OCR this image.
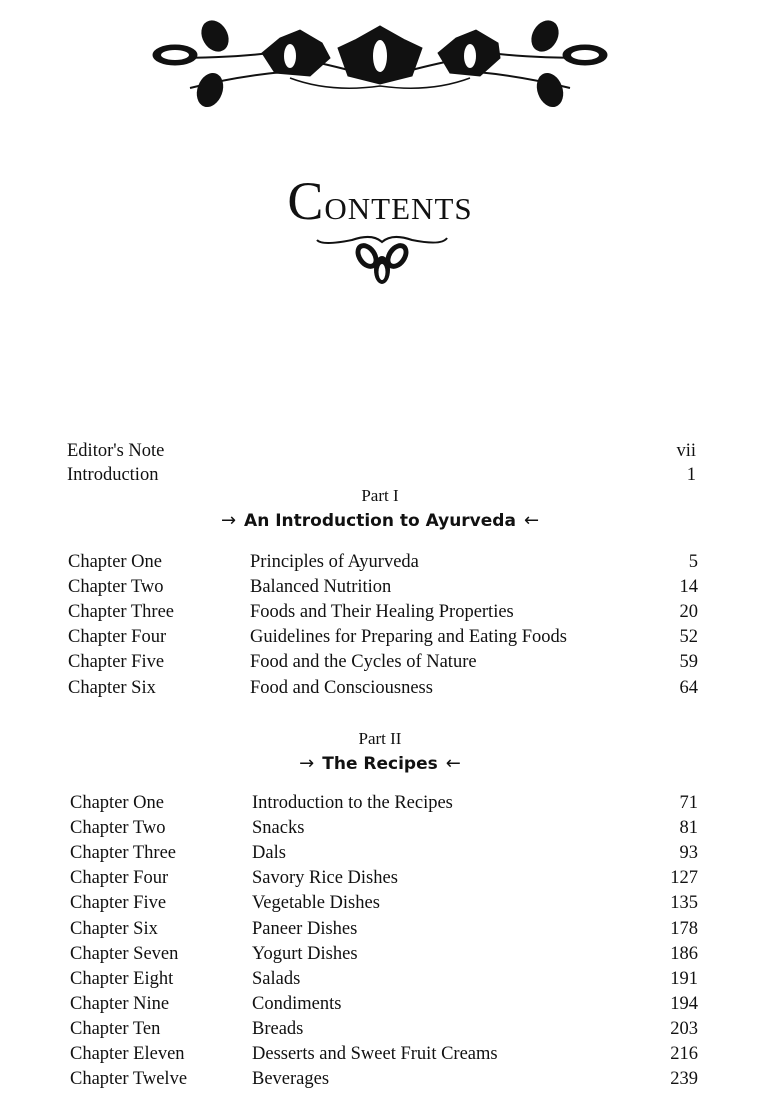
Contents
Editor's Note	vii
Introduction	1
Part I
→ An Introduction to Ayurveda ←
Chapter One	Principles of Ayurveda	5
Chapter Two	Balanced Nutrition	14
Chapter Three	Foods and Their Healing Properties	20
Chapter Four	Guidelines for Preparing and Eating Foods	52
Chapter Five	Food and the Cycles of Nature	59
Chapter Six	Food and Consciousness	64
Part II
→ The Recipes ←
Chapter One	Introduction to the Recipes	71
Chapter Two	Snacks	81
Chapter Three	Dals	93
Chapter Four	Savory Rice Dishes	127
Chapter Five	Vegetable Dishes	135
Chapter Six	Paneer Dishes	178
Chapter Seven	Yogurt Dishes	186
Chapter Eight	Salads	191
Chapter Nine	Condiments	194
Chapter Ten	Breads	203
Chapter Eleven	Desserts and Sweet Fruit Creams	216
Chapter Twelve	Beverages	239
